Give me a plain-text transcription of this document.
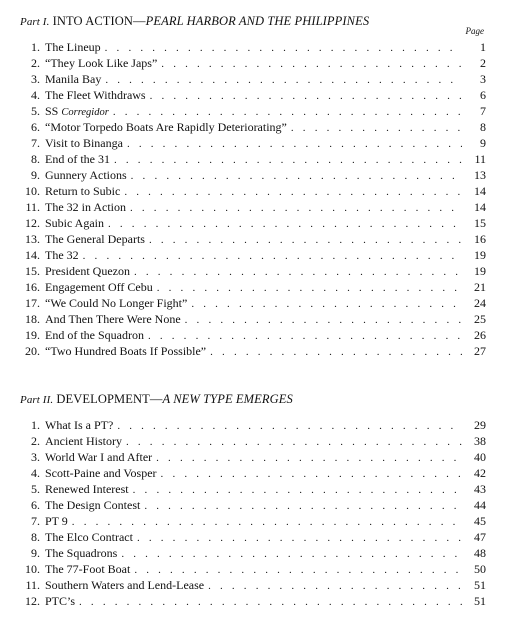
Part I. INTO ACTION—PEARL HARBOR AND THE PHILIPPINES
Page
1. The Lineup . . .	1
2. “They Look Like Japs” . . .	2
3. Manila Bay . . .	3
4. The Fleet Withdraws . . .	6
5. SS Corregidor . . .	7
6. “Motor Torpedo Boats Are Rapidly Deteriorating” . . .	8
7. Visit to Binanga . . .	9
8. End of the 31 . . .	11
9. Gunnery Actions . . .	13
10. Return to Subic . . .	14
11. The 32 in Action . . .	14
12. Subic Again . . .	15
13. The General Departs . . .	16
14. The 32 . . .	19
15. President Quezon . . .	19
16. Engagement Off Cebu . . .	21
17. “We Could No Longer Fight” . . .	24
18. And Then There Were None . . .	25
19. End of the Squadron . . .	26
20. “Two Hundred Boats If Possible” . . .	27
Part II. DEVELOPMENT—A NEW TYPE EMERGES
1. What Is a PT? . . .	29
2. Ancient History . . .	38
3. World War I and After . . .	40
4. Scott-Paine and Vosper . . .	42
5. Renewed Interest . . .	43
6. The Design Contest . . .	44
7. PT 9 . . .	45
8. The Elco Contract . . .	47
9. The Squadrons . . .	48
10. The 77-Foot Boat . . .	50
11. Southern Waters and Lend-Lease . . .	51
12. PTC’s . . .	51
